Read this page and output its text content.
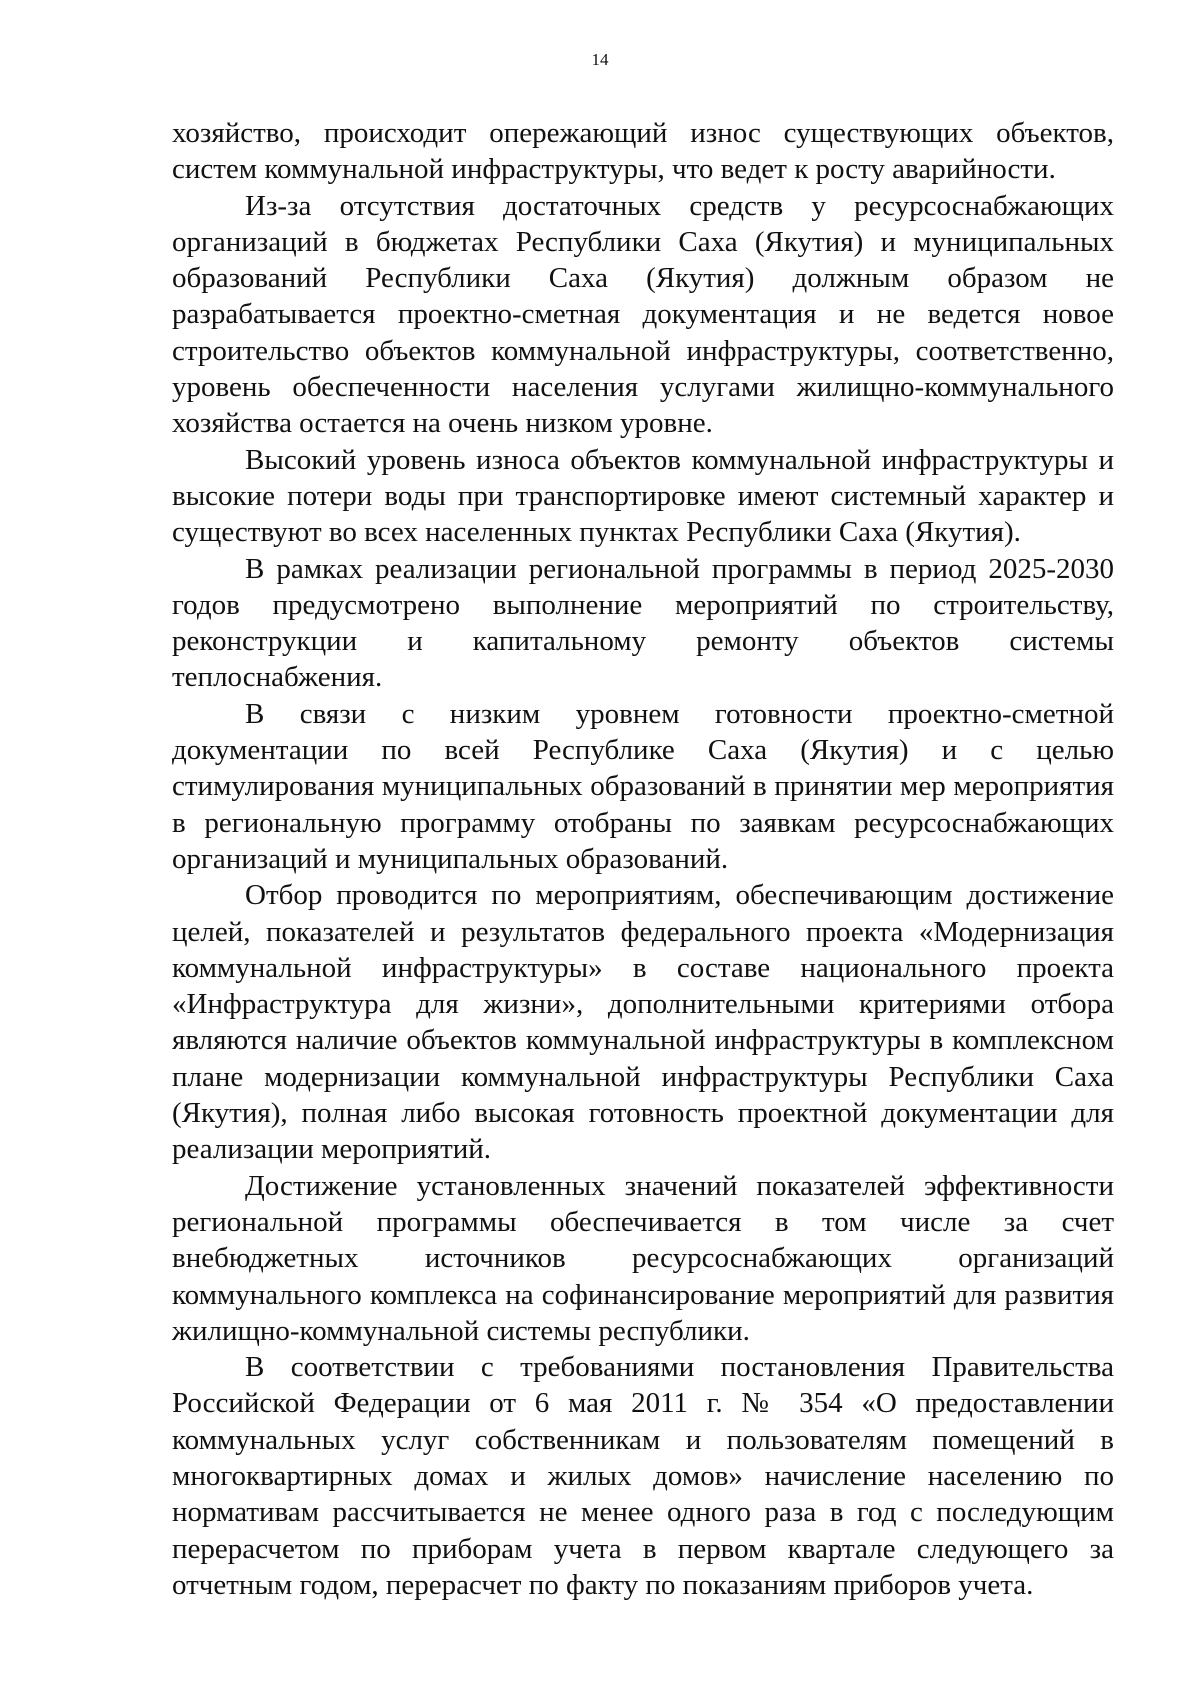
14

хозяйство, происходит опережающий износ существующих объектов, систем коммунальной инфраструктуры, что ведет к росту аварийности.

Из-за отсутствия достаточных средств у ресурсоснабжающих организаций в бюджетах Республики Саха (Якутия) и муниципальных образований Республики Саха (Якутия) должным образом не разрабатывается проектно-сметная документация и не ведется новое строительство объектов коммунальной инфраструктуры, соответственно, уровень обеспеченности населения услугами жилищно-коммунального хозяйства остается на очень низком уровне.

Высокий уровень износа объектов коммунальной инфраструктуры и высокие потери воды при транспортировке имеют системный характер и существуют во всех населенных пунктах Республики Саха (Якутия).

В рамках реализации региональной программы в период 2025-2030 годов предусмотрено выполнение мероприятий по строительству, реконструкции и капитальному ремонту объектов системы теплоснабжения.

В связи с низким уровнем готовности проектно-сметной документации по всей Республике Саха (Якутия) и с целью стимулирования муниципальных образований в принятии мер мероприятия в региональную программу отобраны по заявкам ресурсоснабжающих организаций и муниципальных образований.

Отбор проводится по мероприятиям, обеспечивающим достижение целей, показателей и результатов федерального проекта «Модернизация коммунальной инфраструктуры» в составе национального проекта «Инфраструктура для жизни», дополнительными критериями отбора являются наличие объектов коммунальной инфраструктуры в комплексном плане модернизации коммунальной инфраструктуры Республики Саха (Якутия), полная либо высокая готовность проектной документации для реализации мероприятий.

Достижение установленных значений показателей эффективности региональной программы обеспечивается в том числе за счет внебюджетных источников ресурсоснабжающих организаций коммунального комплекса на софинансирование мероприятий для развития жилищно-коммунальной системы республики.

В соответствии с требованиями постановления Правительства Российской Федерации от 6 мая 2011 г. № 354 «О предоставлении коммунальных услуг собственникам и пользователям помещений в многоквартирных домах и жилых домов» начисление населению по нормативам рассчитывается не менее одного раза в год с последующим перерасчетом по приборам учета в первом квартале следующего за отчетным годом, перерасчет по факту по показаниям приборов учета.
